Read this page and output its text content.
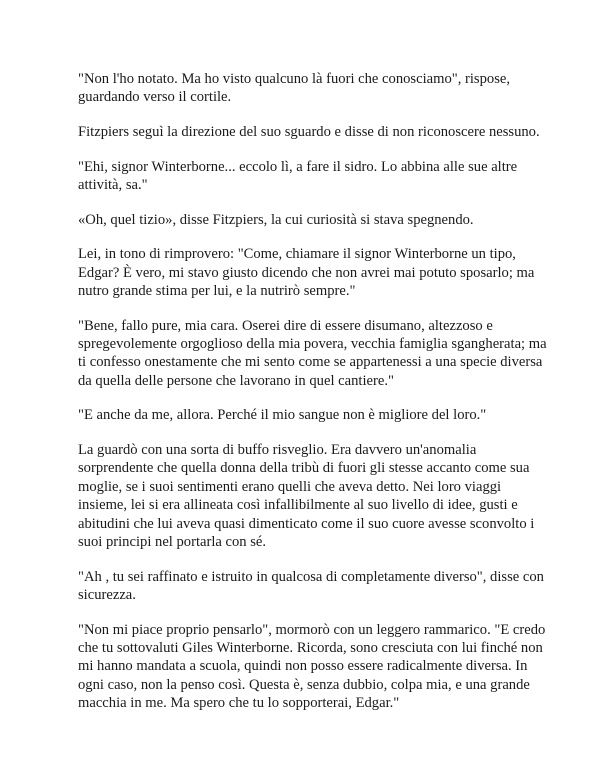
"Non l'ho notato. Ma ho visto qualcuno là fuori che conosciamo", rispose, guardando verso il cortile.

Fitzpiers seguì la direzione del suo sguardo e disse di non riconoscere nessuno.

"Ehi, signor Winterborne... eccolo lì, a fare il sidro. Lo abbina alle sue altre attività, sa."

«Oh, quel tizio», disse Fitzpiers, la cui curiosità si stava spegnendo.

Lei, in tono di rimprovero: "Come, chiamare il signor Winterborne un tipo, Edgar? È vero, mi stavo giusto dicendo che non avrei mai potuto sposarlo; ma nutro grande stima per lui, e la nutrirò sempre."

"Bene, fallo pure, mia cara. Oserei dire di essere disumano, altezzoso e spregevolemente orgoglioso della mia povera, vecchia famiglia sgangherata; ma ti confesso onestamente che mi sento come se appartenessi a una specie diversa da quella delle persone che lavorano in quel cantiere."

"E anche da me, allora. Perché il mio sangue non è migliore del loro."

La guardò con una sorta di buffo risveglio. Era davvero un'anomalia sorprendente che quella donna della tribù di fuori gli stesse accanto come sua moglie, se i suoi sentimenti erano quelli che aveva detto. Nei loro viaggi insieme, lei si era allineata così infallibilmente al suo livello di idee, gusti e abitudini che lui aveva quasi dimenticato come il suo cuore avesse sconvolto i suoi principi nel portarla con sé.

"Ah , tu sei raffinato e istruito in qualcosa di completamente diverso", disse con sicurezza.

"Non mi piace proprio pensarlo", mormorò con un leggero rammarico. "E credo che tu sottovaluti Giles Winterborne. Ricorda, sono cresciuta con lui finché non mi hanno mandata a scuola, quindi non posso essere radicalmente diversa. In ogni caso, non la penso così. Questa è, senza dubbio, colpa mia, e una grande macchia in me. Ma spero che tu lo sopporterai, Edgar."
